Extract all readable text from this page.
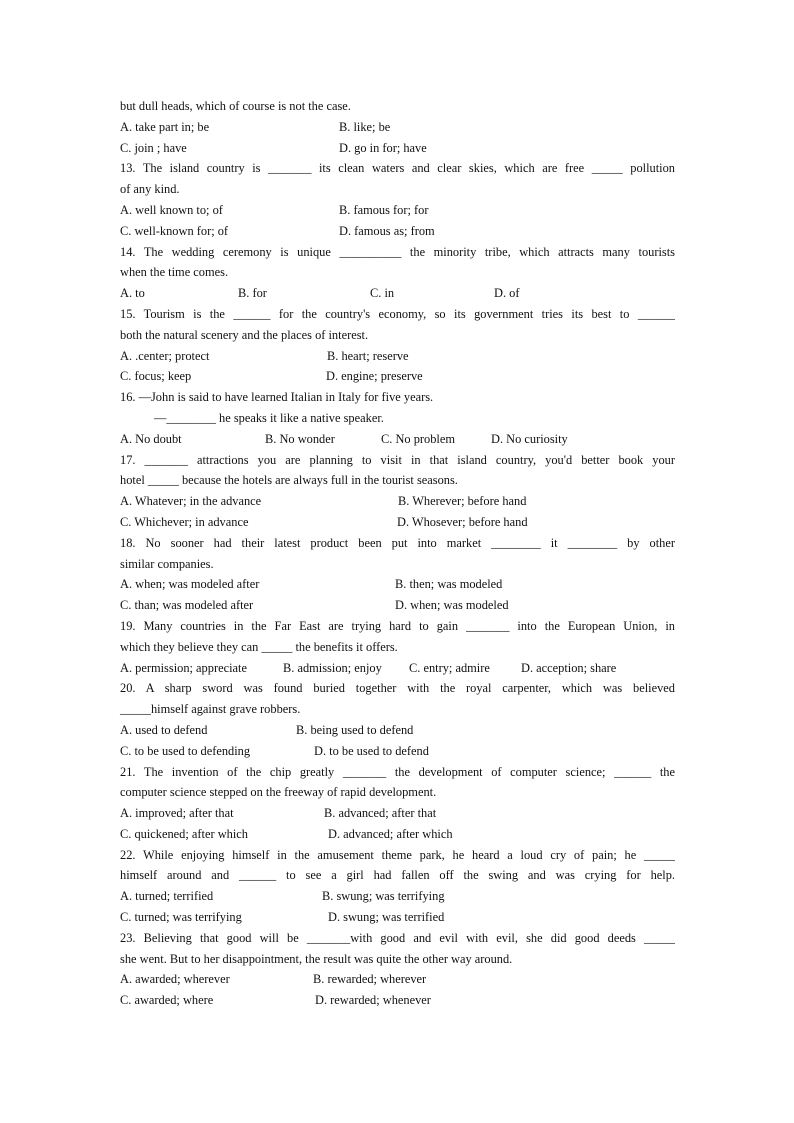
but dull heads, which of course is not the case.
A. take part in; be	B. like; be
C. join ; have	D. go in for; have
13. The island country is _______ its clean waters and clear skies, which are free _____ pollution
of any kind.
A. well known to; of	B. famous for; for
C. well-known for; of	D. famous as; from
14. The wedding ceremony is unique __________ the minority tribe, which attracts many tourists
when the time comes.
A. to	B. for	C. in	D. of
15. Tourism is the ______ for the country's economy, so its government tries its best to ______
both the natural scenery and the places of interest.
A. .center; protect	B. heart; reserve
C. focus; keep	D. engine; preserve
16. —John is said to have learned Italian in Italy for five years.
—________ he speaks it like a native speaker.
A. No doubt	B. No wonder	C. No problem	D. No curiosity
17. _______ attractions you are planning to visit in that island country, you'd better book your
hotel _____ because the hotels are always full in the tourist seasons.
A. Whatever; in the advance	B. Wherever; before hand
C. Whichever; in advance	D. Whosever; before hand
18. No sooner had their latest product been put into market ________ it ________ by other
similar companies.
A. when; was modeled after	B. then; was modeled
C. than; was modeled after	D. when; was modeled
19. Many countries in the Far East are trying hard to gain _______ into the European Union, in
which they believe they can _____ the benefits it offers.
A. permission; appreciate	B. admission; enjoy C. entry; admire	D. acception; share
20. A sharp sword was found buried together with the royal carpenter, which was believed
_____himself against grave robbers.
A. used to defend	B. being used to defend
C. to be used to defending	D. to be used to defend
21. The invention of the chip greatly _______ the development of computer science; ______ the
computer science stepped on the freeway of rapid development.
A. improved; after that	B. advanced; after that
C. quickened; after which	D. advanced; after which
22. While enjoying himself in the amusement theme park, he heard a loud cry of pain; he _____
himself around and ______ to see a girl had fallen off the swing and was crying for help.
A. turned; terrified	B. swung; was terrifying
C. turned; was terrifying	D. swung; was terrified
23. Believing that good will be _______with good and evil with evil, she did good deeds _____
she went. But to her disappointment, the result was quite the other way around.
A. awarded; wherever	B. rewarded; wherever
C. awarded; where	D. rewarded; whenever
